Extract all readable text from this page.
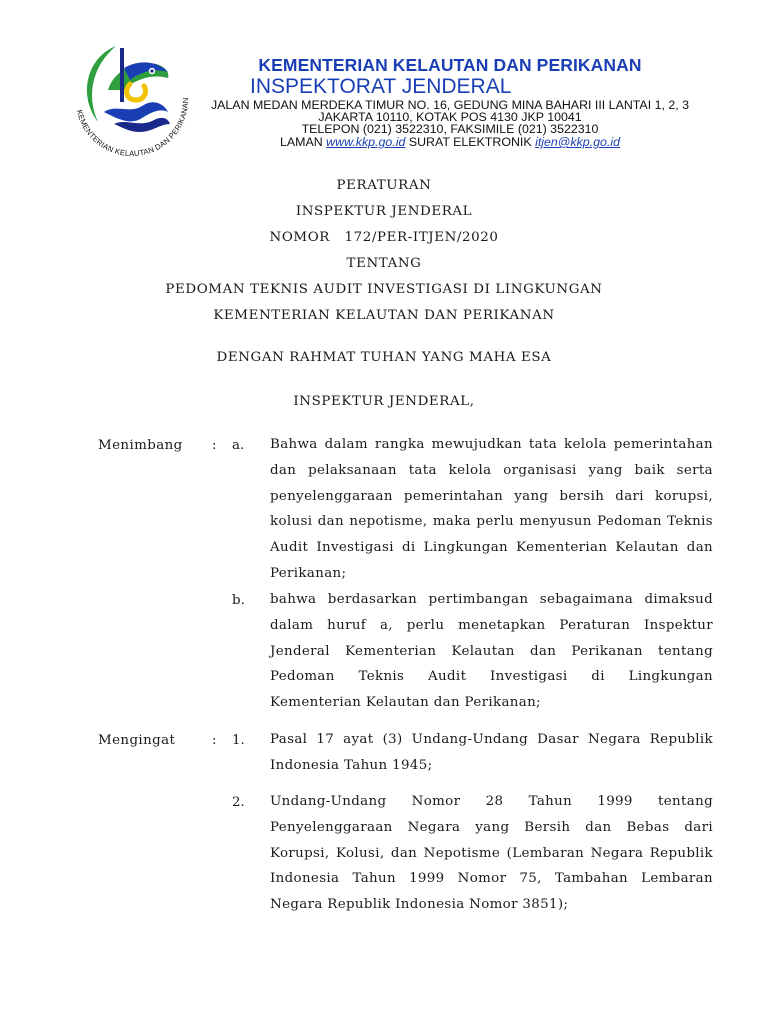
KEMENTERIAN KELAUTAN DAN PERIKANAN
KEMENTERIAN KELAUTAN DAN PERIKANAN
INSPEKTORAT JENDERAL
JALAN MEDAN MERDEKA TIMUR NO. 16, GEDUNG MINA BAHARI III LANTAI 1, 2, 3
JAKARTA 10110, KOTAK POS 4130 JKP 10041
TELEPON (021) 3522310, FAKSIMILE (021) 3522310
LAMAN www.kkp.go.id SURAT ELEKTRONIK itjen@kkp.go.id
PERATURAN
INSPEKTUR JENDERAL
NOMOR   172/PER-ITJEN/2020
TENTANG
PEDOMAN TEKNIS AUDIT INVESTIGASI DI LINGKUNGAN
KEMENTERIAN KELAUTAN DAN PERIKANAN
DENGAN RAHMAT TUHAN YANG MAHA ESA
INSPEKTUR JENDERAL,
Menimbang : a. Bahwa dalam rangka mewujudkan tata kelola pemerintahan dan pelaksanaan tata kelola organisasi yang baik serta penyelenggaraan pemerintahan yang bersih dari korupsi, kolusi dan nepotisme, maka perlu menyusun Pedoman Teknis Audit Investigasi di Lingkungan Kementerian Kelautan dan Perikanan;

b. bahwa berdasarkan pertimbangan sebagaimana dimaksud dalam huruf a, perlu menetapkan Peraturan Inspektur Jenderal Kementerian Kelautan dan Perikanan tentang Pedoman Teknis Audit Investigasi di Lingkungan Kementerian Kelautan dan Perikanan;

Mengingat	: 1. Pasal 17 ayat (3) Undang-Undang Dasar Negara Republik Indonesia Tahun 1945;

2. Undang-Undang Nomor 28 Tahun 1999 tentang Penyelenggaraan Negara yang Bersih dan Bebas dari Korupsi, Kolusi, dan Nepotisme (Lembaran Negara Republik Indonesia Tahun 1999 Nomor 75, Tambahan Lembaran Negara Republik Indonesia Nomor 3851);
